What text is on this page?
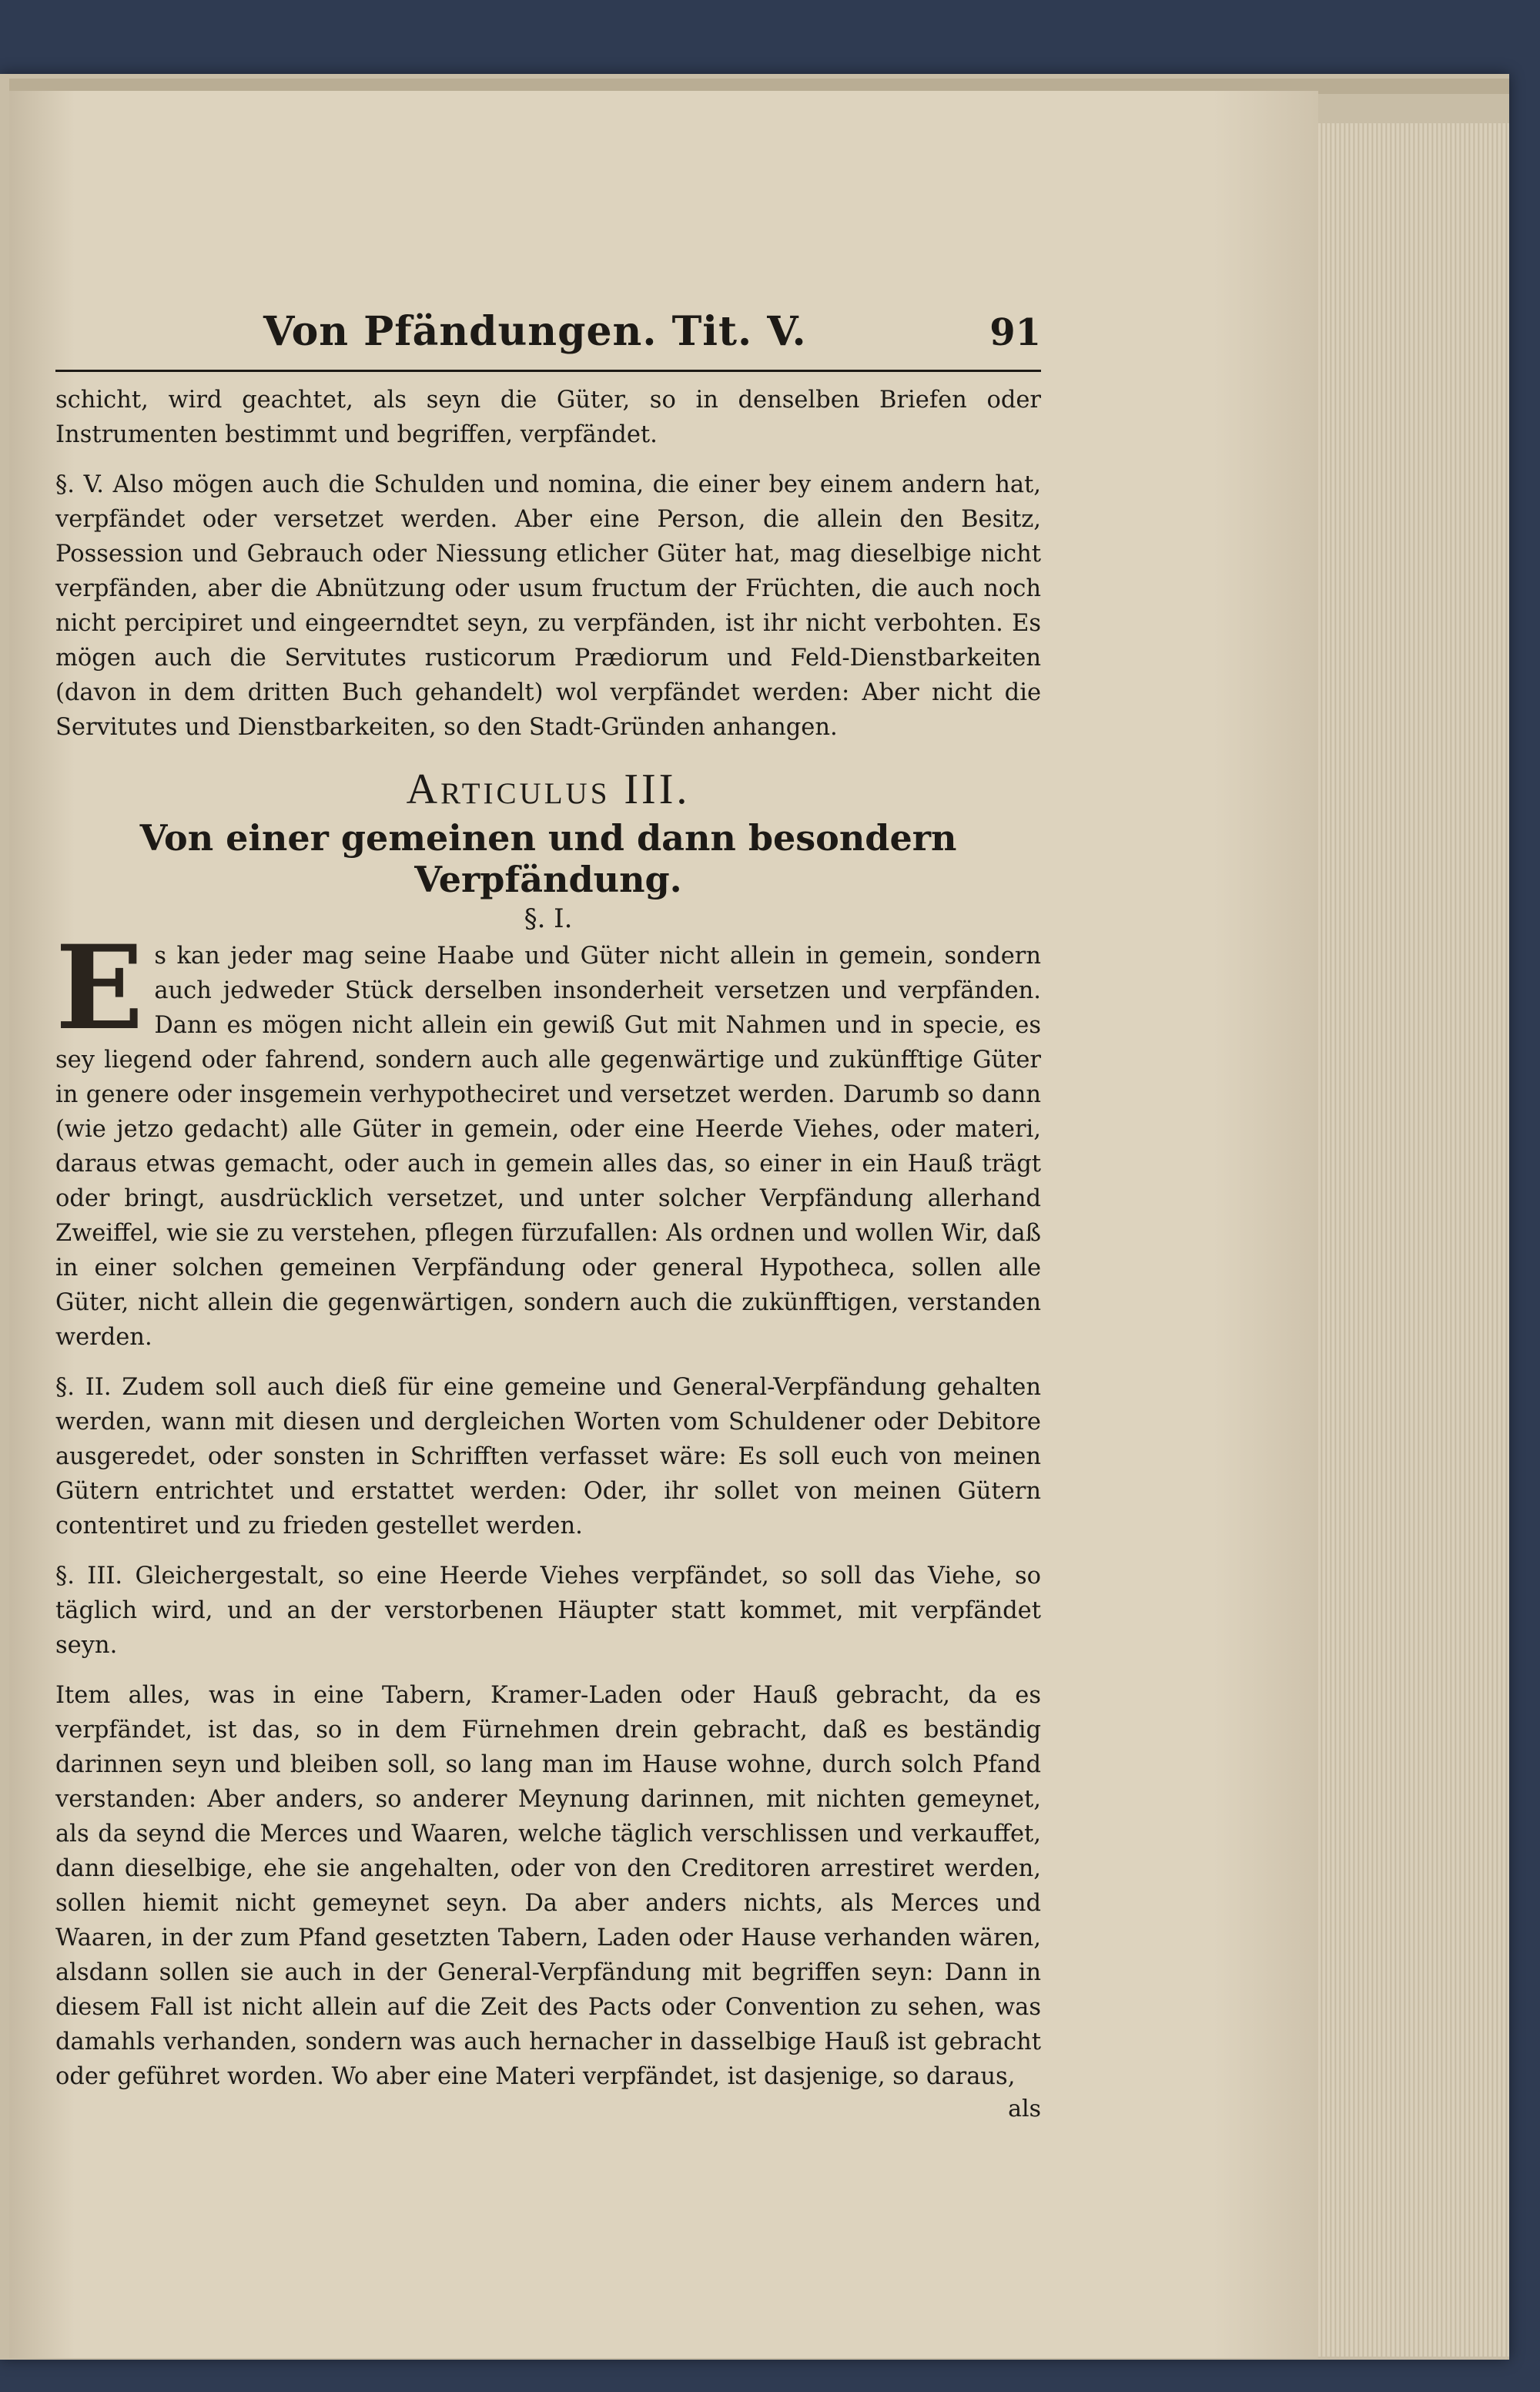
Von Pfändungen. Tit. V.	91

schicht, wird geachtet, als seyn die Güter, so in denselben Briefen oder Instrumenten bestimmt und begriffen, verpfändet.

§. V. Also mögen auch die Schulden und nomina, die einer bey einem andern hat, verpfändet oder versetzet werden. Aber eine Person, die allein den Besitz, Possession und Gebrauch oder Niessung etlicher Güter hat, mag dieselbige nicht verpfänden, aber die Abnützung oder usum fructum der Früchten, die auch noch nicht percipiret und eingeerndtet seyn, zu verpfänden, ist ihr nicht verbohten. Es mögen auch die Servitutes rusticorum Prædiorum und Feld-Dienstbarkeiten (davon in dem dritten Buch gehandelt) wol verpfändet werden: Aber nicht die Servitutes und Dienstbarkeiten, so den Stadt-Gründen anhangen.

Articulus III.
Von einer gemeinen und dann besondern Verpfändung.
§. I.

Es kan jeder mag seine Haabe und Güter nicht allein in gemein, sondern auch jedweder Stück derselben insonderheit versetzen und verpfänden. Dann es mögen nicht allein ein gewiß Gut mit Nahmen und in specie, es sey liegend oder fahrend, sondern auch alle gegenwärtige und zukünfftige Güter in genere oder insgemein verhypotheciret und versetzet werden. Darumb so dann (wie jetzo gedacht) alle Güter in gemein, oder eine Heerde Viehes, oder materi, daraus etwas gemacht, oder auch in gemein alles das, so einer in ein Hauß trägt oder bringt, ausdrücklich versetzet, und unter solcher Verpfändung allerhand Zweiffel, wie sie zu verstehen, pflegen fürzufallen: Als ordnen und wollen Wir, daß in einer solchen gemeinen Verpfändung oder general Hypotheca, sollen alle Güter, nicht allein die gegenwärtigen, sondern auch die zukünfftigen, verstanden werden.

§. II. Zudem soll auch dieß für eine gemeine und General-Verpfändung gehalten werden, wann mit diesen und dergleichen Worten vom Schuldener oder Debitore ausgeredet, oder sonsten in Schrifften verfasset wäre: Es soll euch von meinen Gütern entrichtet und erstattet werden: Oder, ihr sollet von meinen Gütern contentiret und zu frieden gestellet werden.

§. III. Gleichergestalt, so eine Heerde Viehes verpfändet, so soll das Viehe, so täglich wird, und an der verstorbenen Häupter statt kommet, mit verpfändet seyn.

Item alles, was in eine Tabern, Kramer-Laden oder Hauß gebracht, da es verpfändet, ist das, so in dem Fürnehmen drein gebracht, daß es beständig darinnen seyn und bleiben soll, so lang man im Hause wohne, durch solch Pfand verstanden: Aber anders, so anderer Meynung darinnen, mit nichten gemeynet, als da seynd die Merces und Waaren, welche täglich verschlissen und verkauffet, dann dieselbige, ehe sie angehalten, oder von den Creditoren arrestiret werden, sollen hiemit nicht gemeynet seyn. Da aber anders nichts, als Merces und Waaren, in der zum Pfand gesetzten Tabern, Laden oder Hause verhanden wären, alsdann sollen sie auch in der General-Verpfändung mit begriffen seyn: Dann in diesem Fall ist nicht allein auf die Zeit des Pacts oder Convention zu sehen, was damahls verhanden, sondern was auch hernacher in dasselbige Hauß ist gebracht oder geführet worden. Wo aber eine Materi verpfändet, ist dasjenige, so daraus,

als
